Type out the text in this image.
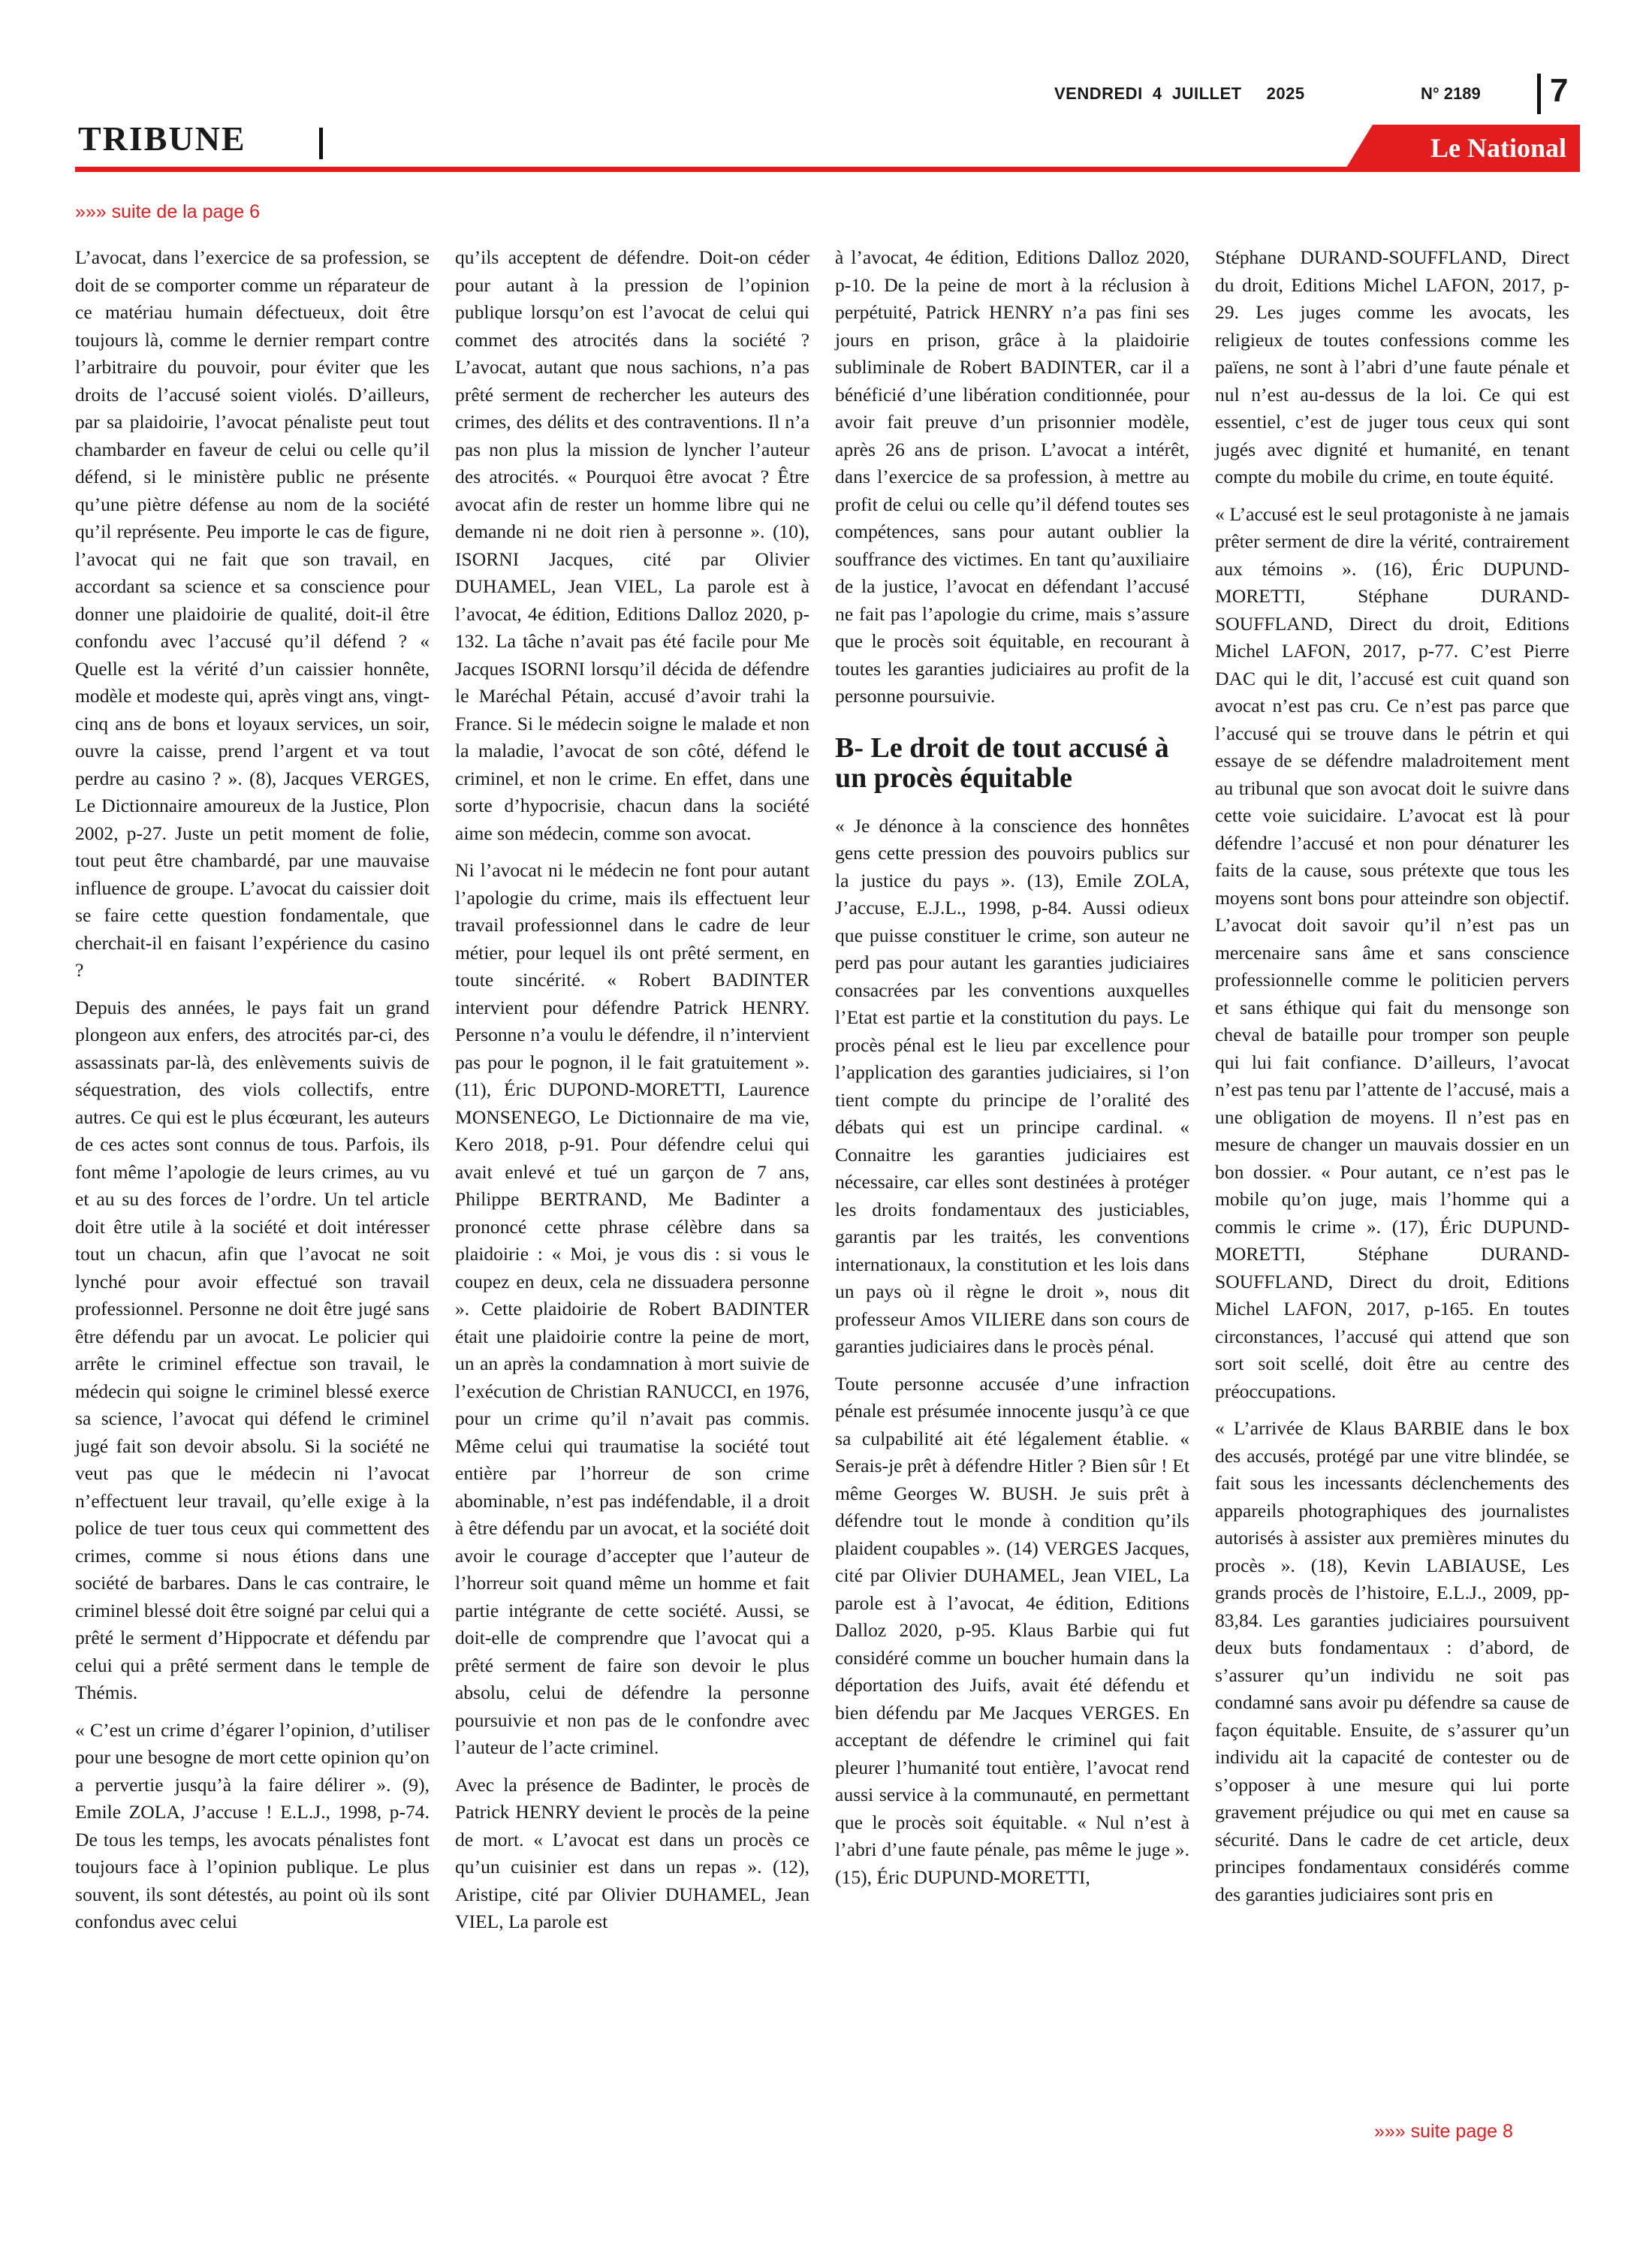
VENDREDI  4  JUILLET     2025	N° 2189 7
TRIBUNE	Le National
»»» suite de la page 6

L’avocat, dans l’exercice de sa profession, se doit de se comporter comme un réparateur de ce matériau humain défectueux, doit être toujours là, comme le dernier rempart contre l’arbitraire du pouvoir, pour éviter que les droits de l’accusé soient violés. D’ailleurs, par sa plaidoirie, l’avocat pénaliste peut tout chambarder en faveur de celui ou celle qu’il défend, si le ministère public ne présente qu’une piètre défense au nom de la société qu’il représente. Peu importe le cas de figure, l’avocat qui ne fait que son travail, en accordant sa science et sa conscience pour donner une plaidoirie de qualité, doit-il être confondu avec l’accusé qu’il défend ? « Quelle est la vérité d’un caissier honnête, modèle et modeste qui, après vingt ans, vingt-cinq ans de bons et loyaux services, un soir, ouvre la caisse, prend l’argent et va tout perdre au casino ? ». (8), Jacques VERGES, Le Dictionnaire amoureux de la Justice, Plon 2002, p-27. Juste un petit moment de folie, tout peut être chambardé, par une mauvaise influence de groupe. L’avocat du caissier doit se faire cette question fondamentale, que cherchait-il en faisant l’expérience du casino ?

Depuis des années, le pays fait un grand plongeon aux enfers, des atrocités par-ci, des assassinats par-là, des enlèvements suivis de séquestration, des viols collectifs, entre autres. Ce qui est le plus écœurant, les auteurs de ces actes sont connus de tous. Parfois, ils font même l’apologie de leurs crimes, au vu et au su des forces de l’ordre. Un tel article doit être utile à la société et doit intéresser tout un chacun, afin que l’avocat ne soit lynché pour avoir effectué son travail professionnel. Personne ne doit être jugé sans être défendu par un avocat. Le policier qui arrête le criminel effectue son travail, le médecin qui soigne le criminel blessé exerce sa science, l’avocat qui défend le criminel jugé fait son devoir absolu. Si la société ne veut pas que le médecin ni l’avocat n’effectuent leur travail, qu’elle exige à la police de tuer tous ceux qui commettent des crimes, comme si nous étions dans une société de barbares. Dans le cas contraire, le criminel blessé doit être soigné par celui qui a prêté le serment d’Hippocrate et défendu par celui qui a prêté serment dans le temple de Thémis.

« C’est un crime d’égarer l’opinion, d’utiliser pour une besogne de mort cette opinion qu’on a pervertie jusqu’à la faire délirer ». (9), Emile ZOLA, J’accuse ! E.L.J., 1998, p-74. De tous les temps, les avocats pénalistes font toujours face à l’opinion publique. Le plus souvent, ils sont détestés, au point où ils sont confondus avec celui

qu’ils acceptent de défendre. Doit-on céder pour autant à la pression de l’opinion publique lorsqu’on est l’avocat de celui qui commet des atrocités dans la société ? L’avocat, autant que nous sachions, n’a pas prêté serment de rechercher les auteurs des crimes, des délits et des contraventions. Il n’a pas non plus la mission de lyncher l’auteur des atrocités. « Pourquoi être avocat ? Être avocat afin de rester un homme libre qui ne demande ni ne doit rien à personne ». (10), ISORNI Jacques, cité par Olivier DUHAMEL, Jean VIEL, La parole est à l’avocat, 4e édition, Editions Dalloz 2020, p-132. La tâche n’avait pas été facile pour Me Jacques ISORNI lorsqu’il décida de défendre le Maréchal Pétain, accusé d’avoir trahi la France. Si le médecin soigne le malade et non la maladie, l’avocat de son côté, défend le criminel, et non le crime. En effet, dans une sorte d’hypocrisie, chacun dans la société aime son médecin, comme son avocat.

Ni l’avocat ni le médecin ne font pour autant l’apologie du crime, mais ils effectuent leur travail professionnel dans le cadre de leur métier, pour lequel ils ont prêté serment, en toute sincérité. « Robert BADINTER intervient pour défendre Patrick HENRY. Personne n’a voulu le défendre, il n’intervient pas pour le pognon, il le fait gratuitement ». (11), Éric DUPOND-MORETTI, Laurence MONSENEGO, Le Dictionnaire de ma vie, Kero 2018, p-91. Pour défendre celui qui avait enlevé et tué un garçon de 7 ans, Philippe BERTRAND, Me Badinter a prononcé cette phrase célèbre dans sa plaidoirie : « Moi, je vous dis : si vous le coupez en deux, cela ne dissuadera personne ». Cette plaidoirie de Robert BADINTER était une plaidoirie contre la peine de mort, un an après la condamnation à mort suivie de l’exécution de Christian RANUCCI, en 1976, pour un crime qu’il n’avait pas commis. Même celui qui traumatise la société tout entière par l’horreur de son crime abominable, n’est pas indéfendable, il a droit à être défendu par un avocat, et la société doit avoir le courage d’accepter que l’auteur de l’horreur soit quand même un homme et fait partie intégrante de cette société. Aussi, se doit-elle de comprendre que l’avocat qui a prêté serment de faire son devoir le plus absolu, celui de défendre la personne poursuivie et non pas de le confondre avec l’auteur de l’acte criminel.

Avec la présence de Badinter, le procès de Patrick HENRY devient le procès de la peine de mort. « L’avocat est dans un procès ce qu’un cuisinier est dans un repas ». (12), Aristipe, cité par Olivier DUHAMEL, Jean VIEL, La parole est

à l’avocat, 4e édition, Editions Dalloz 2020, p-10. De la peine de mort à la réclusion à perpétuité, Patrick HENRY n’a pas fini ses jours en prison, grâce à la plaidoirie subliminale de Robert BADINTER, car il a bénéficié d’une libération conditionnée, pour avoir fait preuve d’un prisonnier modèle, après 26 ans de prison. L’avocat a intérêt, dans l’exercice de sa profession, à mettre au profit de celui ou celle qu’il défend toutes ses compétences, sans pour autant oublier la souffrance des victimes. En tant qu’auxiliaire de la justice, l’avocat en défendant l’accusé ne fait pas l’apologie du crime, mais s’assure que le procès soit équitable, en recourant à toutes les garanties judiciaires au profit de la personne poursuivie.

B- Le droit de tout accusé à un procès équitable

« Je dénonce à la conscience des honnêtes gens cette pression des pouvoirs publics sur la justice du pays ». (13), Emile ZOLA, J’accuse, E.J.L., 1998, p-84. Aussi odieux que puisse constituer le crime, son auteur ne perd pas pour autant les garanties judiciaires consacrées par les conventions auxquelles l’Etat est partie et la constitution du pays. Le procès pénal est le lieu par excellence pour l’application des garanties judiciaires, si l’on tient compte du principe de l’oralité des débats qui est un principe cardinal. « Connaitre les garanties judiciaires est nécessaire, car elles sont destinées à protéger les droits fondamentaux des justiciables, garantis par les traités, les conventions internationaux, la constitution et les lois dans un pays où il règne le droit », nous dit professeur Amos VILIERE dans son cours de garanties judiciaires dans le procès pénal.

Toute personne accusée d’une infraction pénale est présumée innocente jusqu’à ce que sa culpabilité ait été légalement établie. « Serais-je prêt à défendre Hitler ? Bien sûr ! Et même Georges W. BUSH. Je suis prêt à défendre tout le monde à condition qu’ils plaident coupables ». (14) VERGES Jacques, cité par Olivier DUHAMEL, Jean VIEL, La parole est à l’avocat, 4e édition, Editions Dalloz 2020, p-95. Klaus Barbie qui fut considéré comme un boucher humain dans la déportation des Juifs, avait été défendu et bien défendu par Me Jacques VERGES. En acceptant de défendre le criminel qui fait pleurer l’humanité tout entière, l’avocat rend aussi service à la communauté, en permettant que le procès soit équitable. « Nul n’est à l’abri d’une faute pénale, pas même le juge ». (15), Éric DUPUND-MORETTI,

Stéphane DURAND-SOUFFLAND, Direct du droit, Editions Michel LAFON, 2017, p-29. Les juges comme les avocats, les religieux de toutes confessions comme les païens, ne sont à l’abri d’une faute pénale et nul n’est au-dessus de la loi. Ce qui est essentiel, c’est de juger tous ceux qui sont jugés avec dignité et humanité, en tenant compte du mobile du crime, en toute équité.

« L’accusé est le seul protagoniste à ne jamais prêter serment de dire la vérité, contrairement aux témoins ». (16), Éric DUPUND-MORETTI, Stéphane DURAND-SOUFFLAND, Direct du droit, Editions Michel LAFON, 2017, p-77. C’est Pierre DAC qui le dit, l’accusé est cuit quand son avocat n’est pas cru. Ce n’est pas parce que l’accusé qui se trouve dans le pétrin et qui essaye de se défendre maladroitement ment au tribunal que son avocat doit le suivre dans cette voie suicidaire. L’avocat est là pour défendre l’accusé et non pour dénaturer les faits de la cause, sous prétexte que tous les moyens sont bons pour atteindre son objectif. L’avocat doit savoir qu’il n’est pas un mercenaire sans âme et sans conscience professionnelle comme le politicien pervers et sans éthique qui fait du mensonge son cheval de bataille pour tromper son peuple qui lui fait confiance. D’ailleurs, l’avocat n’est pas tenu par l’attente de l’accusé, mais a une obligation de moyens. Il n’est pas en mesure de changer un mauvais dossier en un bon dossier. « Pour autant, ce n’est pas le mobile qu’on juge, mais l’homme qui a commis le crime ». (17), Éric DUPUND-MORETTI, Stéphane DURAND-SOUFFLAND, Direct du droit, Editions Michel LAFON, 2017, p-165. En toutes circonstances, l’accusé qui attend que son sort soit scellé, doit être au centre des préoccupations.

« L’arrivée de Klaus BARBIE dans le box des accusés, protégé par une vitre blindée, se fait sous les incessants déclenchements des appareils photographiques des journalistes autorisés à assister aux premières minutes du procès ». (18), Kevin LABIAUSE, Les grands procès de l’histoire, E.L.J., 2009, pp-83,84. Les garanties judiciaires poursuivent deux buts fondamentaux : d’abord, de s’assurer qu’un individu ne soit pas condamné sans avoir pu défendre sa cause de façon équitable. Ensuite, de s’assurer qu’un individu ait la capacité de contester ou de s’opposer à une mesure qui lui porte gravement préjudice ou qui met en cause sa sécurité. Dans le cadre de cet article, deux principes fondamentaux considérés comme des garanties judiciaires sont pris en

»»» suite page 8
